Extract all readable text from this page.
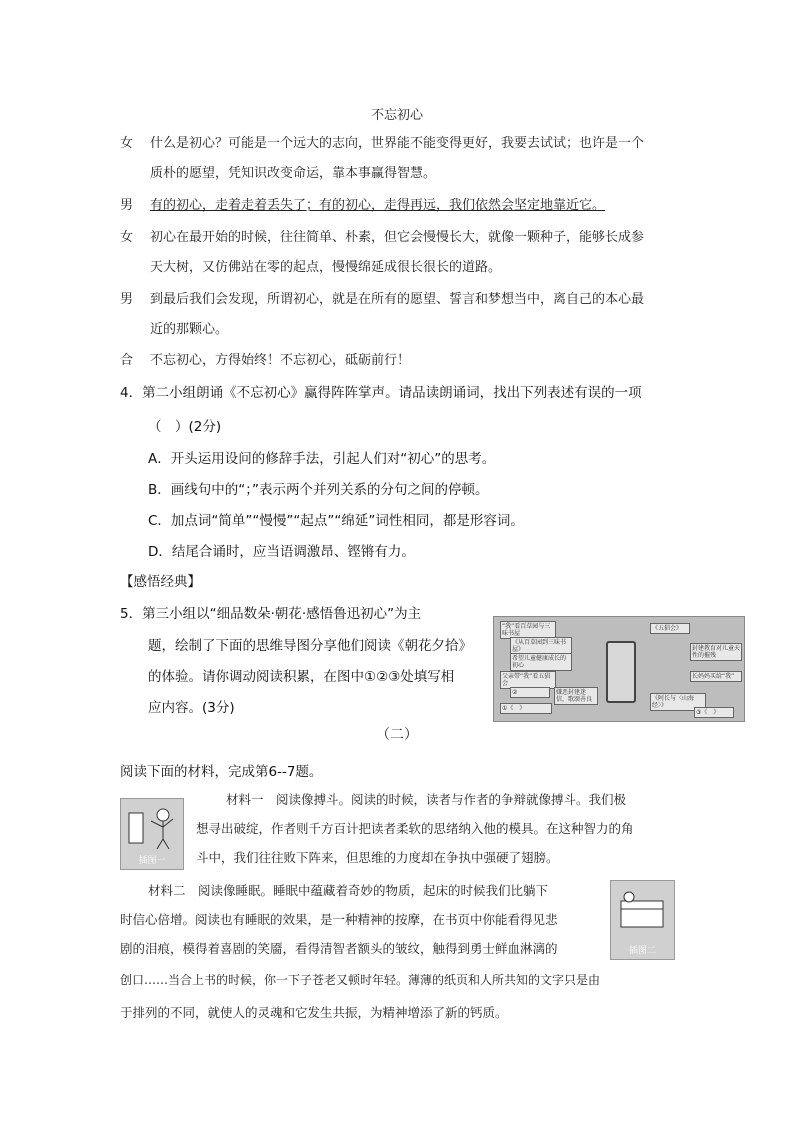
不忘初心
女 什么是初心？可能是一个远大的志向，世界能不能变得更好，我要去试试；也许是一个
质朴的愿望，凭知识改变命运，靠本事赢得智慧。
男 有的初心，走着走着丢失了；有的初心，走得再远，我们依然会坚定地靠近它。
女 初心在最开始的时候，往往简单、朴素，但它会慢慢长大，就像一颗种子，能够长成参
天大树，又仿佛站在零的起点，慢慢绵延成很长很长的道路。
男 到最后我们会发现，所谓初心，就是在所有的愿望、誓言和梦想当中，离自己的本心最
近的那颗心。
合 不忘初心，方得始终！不忘初心，砥砺前行！
4．第二小组朗诵《不忘初心》赢得阵阵掌声。请品读朗诵词，找出下列表述有误的一项
（　）(2分)
A．开头运用设问的修辞手法，引起人们对“初心”的思考。
B．画线句中的“；”表示两个并列关系的分句之间的停顿。
C．加点词“简单”“慢慢”“起点”“绵延”词性相同，都是形容词。
D．结尾合诵时，应当语调激昂、铿锵有力。
【感悟经典】
5．第三小组以“细品数朵·朝花·感悟鲁迅初心”为主
题，绘制了下面的思维导图分享他们阅读《朝花夕拾》
的体验。请你调动阅读积累，在图中①②③处填写相
应内容。(3分)
“我”看百草园与三味书屋
《从百草园到三味书屋》
希望儿童健康成长的初心
父亲带“我”看五猖会
②	嫌恶封建迷信，歌颂善良
①《　》
《五猖会》
封建教育对儿童天性的摧残
长妈妈买给“我”
《阿长与〈山海经〉》
③《　》
（二）
阅读下面的材料，完成第6--7题。
插图一
材料一　阅读像搏斗。阅读的时候，读者与作者的争辩就像搏斗。我们极
想寻出破绽，作者则千方百计把读者柔软的思绪纳入他的模具。在这种智力的角
斗中，我们往往败下阵来，但思维的力度却在争执中强硬了翅膀。
材料二　阅读像睡眠。睡眠中蕴藏着奇妙的物质，起床的时候我们比躺下
时信心倍增。阅读也有睡眠的效果，是一种精神的按摩，在书页中你能看得见悲
剧的泪痕，模得着喜剧的笑靥，看得清智者额头的皱纹，触得到勇士鲜血淋漓的
创口……当合上书的时候，你一下子苍老又顿时年轻。薄薄的纸页和人所共知的文字只是由
于排列的不同，就使人的灵魂和它发生共振，为精神增添了新的钙质。
插图二
